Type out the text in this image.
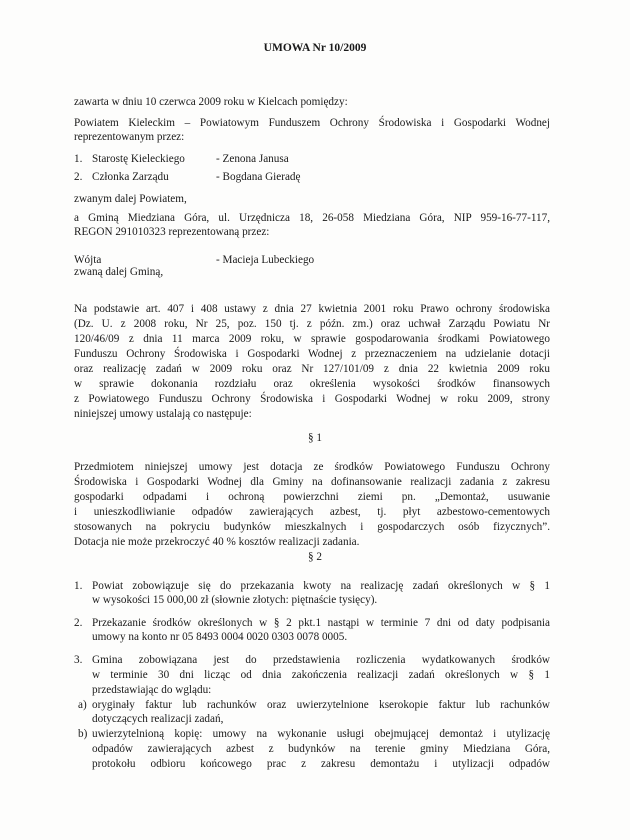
UMOWA Nr 10/2009
zawarta w dniu 10 czerwca 2009 roku w Kielcach pomiędzy:
Powiatem Kieleckim – Powiatowym Funduszem Ochrony Środowiska i Gospodarki Wodnej
reprezentowanym przez:
1. Starostę Kieleckiego	- Zenona Janusa
2. Członka Zarządu	- Bogdana Gieradę
zwanym dalej Powiatem,
a Gminą Miedziana Góra, ul. Urzędnicza 18, 26-058 Miedziana Góra, NIP 959-16-77-117,
REGON 291010323 reprezentowaną przez:
Wójta	- Macieja Lubeckiego
zwaną dalej Gminą,
Na podstawie art. 407 i 408 ustawy z dnia 27 kwietnia 2001 roku Prawo ochrony środowiska
(Dz. U. z 2008 roku, Nr 25, poz. 150 tj. z późn. zm.) oraz uchwał Zarządu Powiatu Nr
120/46/09 z dnia 11 marca 2009 roku, w sprawie gospodarowania środkami Powiatowego
Funduszu Ochrony Środowiska i Gospodarki Wodnej z przeznaczeniem na udzielanie dotacji
oraz realizację zadań w 2009 roku oraz Nr 127/101/09 z dnia 22 kwietnia 2009 roku
w sprawie dokonania rozdziału oraz określenia wysokości środków finansowych
z Powiatowego Funduszu Ochrony Środowiska i Gospodarki Wodnej w roku 2009, strony
niniejszej umowy ustalają co następuje:
§ 1
Przedmiotem niniejszej umowy jest dotacja ze środków Powiatowego Funduszu Ochrony
Środowiska i Gospodarki Wodnej dla Gminy na dofinansowanie realizacji zadania z zakresu
gospodarki odpadami i ochroną powierzchni ziemi pn. „Demontaż, usuwanie
i unieszkodliwianie odpadów zawierających azbest, tj. płyt azbestowo-cementowych
stosowanych na pokryciu budynków mieszkalnych i gospodarczych osób fizycznych”.
Dotacja nie może przekroczyć 40 % kosztów realizacji zadania.
§ 2
1. Powiat zobowiązuje się do przekazania kwoty na realizację zadań określonych w § 1
w wysokości 15 000,00 zł (słownie złotych: piętnaście tysięcy).
2. Przekazanie środków określonych w § 2 pkt.1 nastąpi w terminie 7 dni od daty podpisania
umowy na konto nr 05 8493 0004 0020 0303 0078 0005.
3. Gmina zobowiązana jest do przedstawienia rozliczenia wydatkowanych środków
w terminie 30 dni licząc od dnia zakończenia realizacji zadań określonych w § 1
przedstawiając do wglądu:
a) oryginały faktur lub rachunków oraz uwierzytelnione kserokopie faktur lub rachunków
dotyczących realizacji zadań,
b) uwierzytelnioną kopię: umowy na wykonanie usługi obejmującej demontaż i utylizację
odpadów zawierających azbest z budynków na terenie gminy Miedziana Góra,
protokołu odbioru końcowego prac z zakresu demontażu i utylizacji odpadów
